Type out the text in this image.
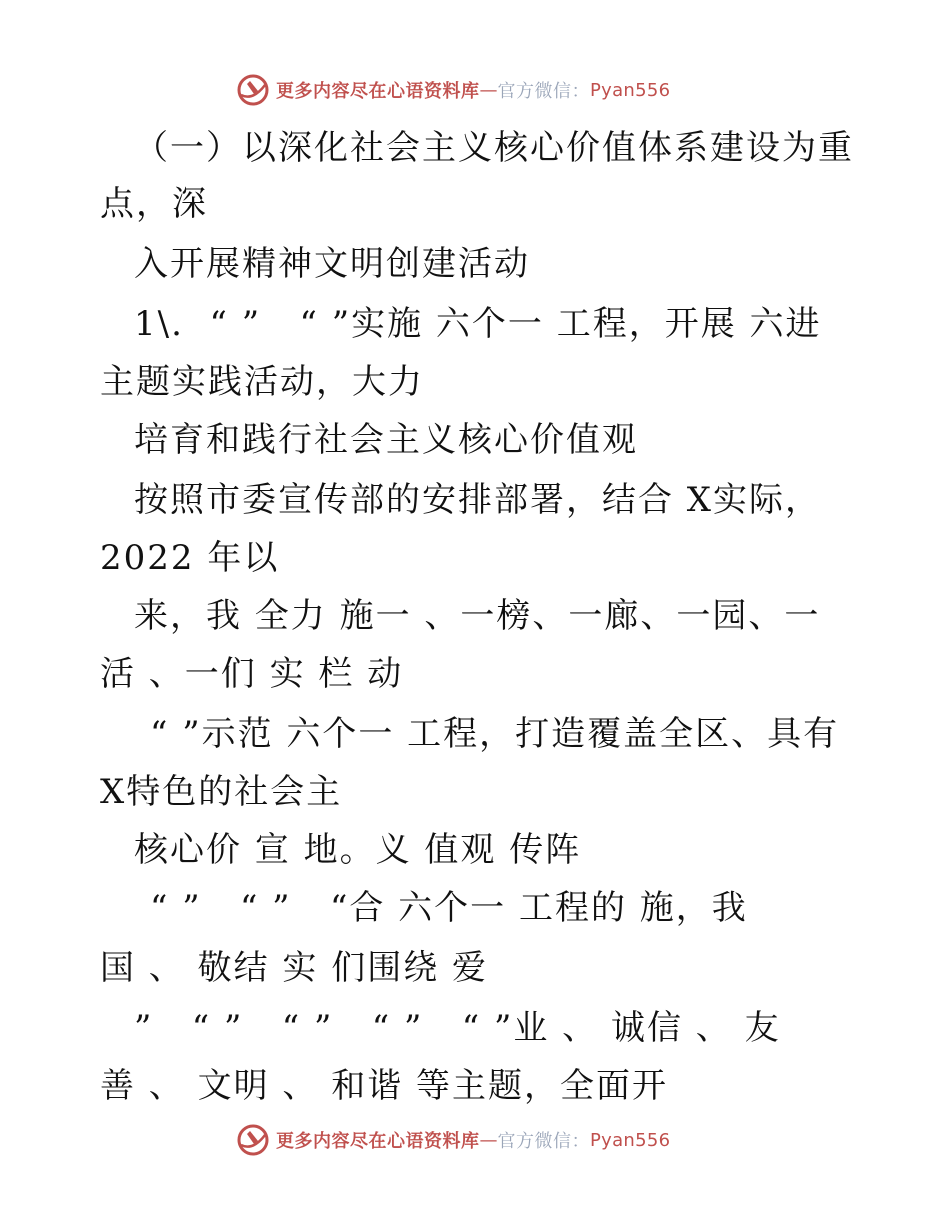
更多内容尽在心语资料库 — 官方微信： Pyan556
（一）以深化社会主义核心价值体系建设为重
点，深
入开展精神文明创建活动
1\.  “ ”   “ ”实施 六个一 工程，开展 六进
主题实践活动，大力
培育和践行社会主义核心价值观
按照市委宣传部的安排部署，结合 X实际，
2022 年以
来，我 全力 施一 、一榜、一廊、一园、一
活 、一们 实 栏 动
“ ”示范 六个一 工程，打造覆盖全区、具有
X特色的社会主
核心价 宣 地。义 值观 传阵
“ ”   “ ”   “合 六个一 工程的 施，我
国 、 敬结 实 们围绕 爱
”   “ ”   “ ”   “ ”   “ ”业 、 诚信 、 友
善 、 文明 、 和谐 等主题，全面开
更多内容尽在心语资料库 — 官方微信： Pyan556
